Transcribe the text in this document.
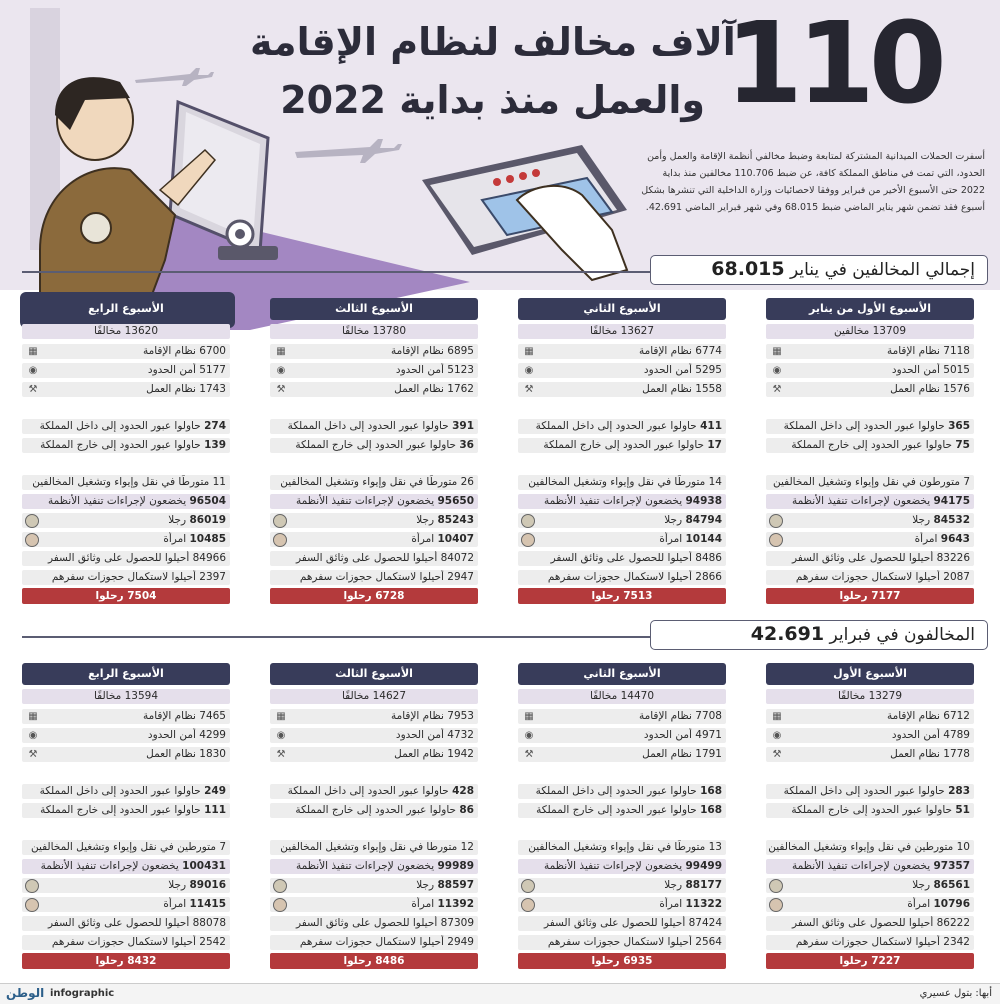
110
آلاف مخالف لنظام الإقامة
والعمل منذ بداية 2022
أسفرت الحملات الميدانية المشتركة لمتابعة وضبط مخالفي أنظمة الإقامة والعمل وأمن الحدود، التي تمت في مناطق المملكة كافة، عن ضبط 110.706 مخالفين منذ بداية 2022 حتى الأسبوع الأخير من فبراير ووفقا لاحصائيات وزارة الداخلية التي تنشرها بشكل أسبوع فقد تضمن شهر يناير الماضي ضبط 68.015 وفي شهر فبراير الماضي 42.691.
إجمالي المخالفين في يناير 68.015
الأسبوع الأول من يناير
13709 مخالفين
7118 نظام الإقامة
▦
5015 أمن الحدود
◉
1576 نظام العمل
⚒
365 حاولوا عبور الحدود إلى داخل المملكة
75 حاولوا عبور الحدود إلى خارج المملكة
7 متورطون في نقل وإيواء وتشغيل المخالفين
94175 يخضعون لإجراءات تنفيذ الأنظمة
84532 رجلا
9643 امرأة
83226 أحيلوا للحصول على وثائق السفر
2087 أحيلوا لاستكمال حجوزات سفرهم
7177 رحلوا
الأسبوع الثاني
13627 مخالفًا
6774 نظام الإقامة
▦
5295 أمن الحدود
◉
1558 نظام العمل
⚒
411 حاولوا عبور الحدود إلى داخل المملكة
17 حاولوا عبور الحدود إلى خارج المملكة
14 متورطًا في نقل وإيواء وتشغيل المخالفين
94938 يخضعون لإجراءات تنفيذ الأنظمة
84794 رجلا
10144 امرأة
8486 أحيلوا للحصول على وثائق السفر
2866 أحيلوا لاستكمال حجوزات سفرهم
7513 رحلوا
الأسبوع الثالث
13780 مخالفًا
6895 نظام الإقامة
▦
5123 أمن الحدود
◉
1762 نظام العمل
⚒
391 حاولوا عبور الحدود إلى داخل المملكة
36 حاولوا عبور الحدود إلى خارج المملكة
26 متورطًا في نقل وإيواء وتشغيل المخالفين
95650 يخضعون لإجراءات تنفيذ الأنظمة
85243 رجلا
10407 امرأة
84072 أحيلوا للحصول على وثائق السفر
2947 أحيلوا لاستكمال حجوزات سفرهم
6728 رحلوا
الأسبوع الرابع
13620 مخالفًا
6700 نظام الإقامة
▦
5177 أمن الحدود
◉
1743 نظام العمل
⚒
274 حاولوا عبور الحدود إلى داخل المملكة
139 حاولوا عبور الحدود إلى خارج المملكة
11 متورطًا في نقل وإيواء وتشغيل المخالفين
96504 يخضعون لإجراءات تنفيذ الأنظمة
86019 رجلا
10485 امرأة
84966 أحيلوا للحصول على وثائق السفر
2397 أحيلوا لاستكمال حجوزات سفرهم
7504 رحلوا
المخالفون في فبراير 42.691
الأسبوع الأول
13279 مخالفًا
6712 نظام الإقامة
▦
4789 أمن الحدود
◉
1778 نظام العمل
⚒
283 حاولوا عبور الحدود إلى داخل المملكة
51 حاولوا عبور الحدود إلى خارج المملكة
10 متورطين في نقل وإيواء وتشغيل المخالفين
97357 يخضعون لإجراءات تنفيذ الأنظمة
86561 رجلا
10796 امرأة
86222 أحيلوا للحصول على وثائق السفر
2342 أحيلوا لاستكمال حجوزات سفرهم
7227 رحلوا
الأسبوع الثاني
14470 مخالفًا
7708 نظام الإقامة
▦
4971 أمن الحدود
◉
1791 نظام العمل
⚒
168 حاولوا عبور الحدود إلى داخل المملكة
168 حاولوا عبور الحدود إلى خارج المملكة
13 متورطًا في نقل وإيواء وتشغيل المخالفين
99499 يخضعون لإجراءات تنفيذ الأنظمة
88177 رجلا
11322 امرأة
87424 أحيلوا للحصول على وثائق السفر
2564 أحيلوا لاستكمال حجوزات سفرهم
6935 رحلوا
الأسبوع الثالث
14627 مخالفًا
7953 نظام الإقامة
▦
4732 أمن الحدود
◉
1942 نظام العمل
⚒
428 حاولوا عبور الحدود إلى داخل المملكة
86 حاولوا عبور الحدود إلى خارج المملكة
12 متورطا في نقل وإيواء وتشغيل المخالفين
99989 يخضعون لإجراءات تنفيذ الأنظمة
88597 رجلا
11392 امرأة
87309 أحيلوا للحصول على وثائق السفر
2949 أحيلوا لاستكمال حجوزات سفرهم
8486 رحلوا
الأسبوع الرابع
13594 مخالفًا
7465 نظام الإقامة
▦
4299 أمن الحدود
◉
1830 نظام العمل
⚒
249 حاولوا عبور الحدود إلى داخل المملكة
111 حاولوا عبور الحدود إلى خارج المملكة
7 متورطين في نقل وإيواء وتشغيل المخالفين
100431 يخضعون لإجراءات تنفيذ الأنظمة
89016 رجلا
11415 امرأة
88078 أحيلوا للحصول على وثائق السفر
2542 أحيلوا لاستكمال حجوزات سفرهم
8432 رحلوا
الوطن infographic	أبها: بتول عسيري
